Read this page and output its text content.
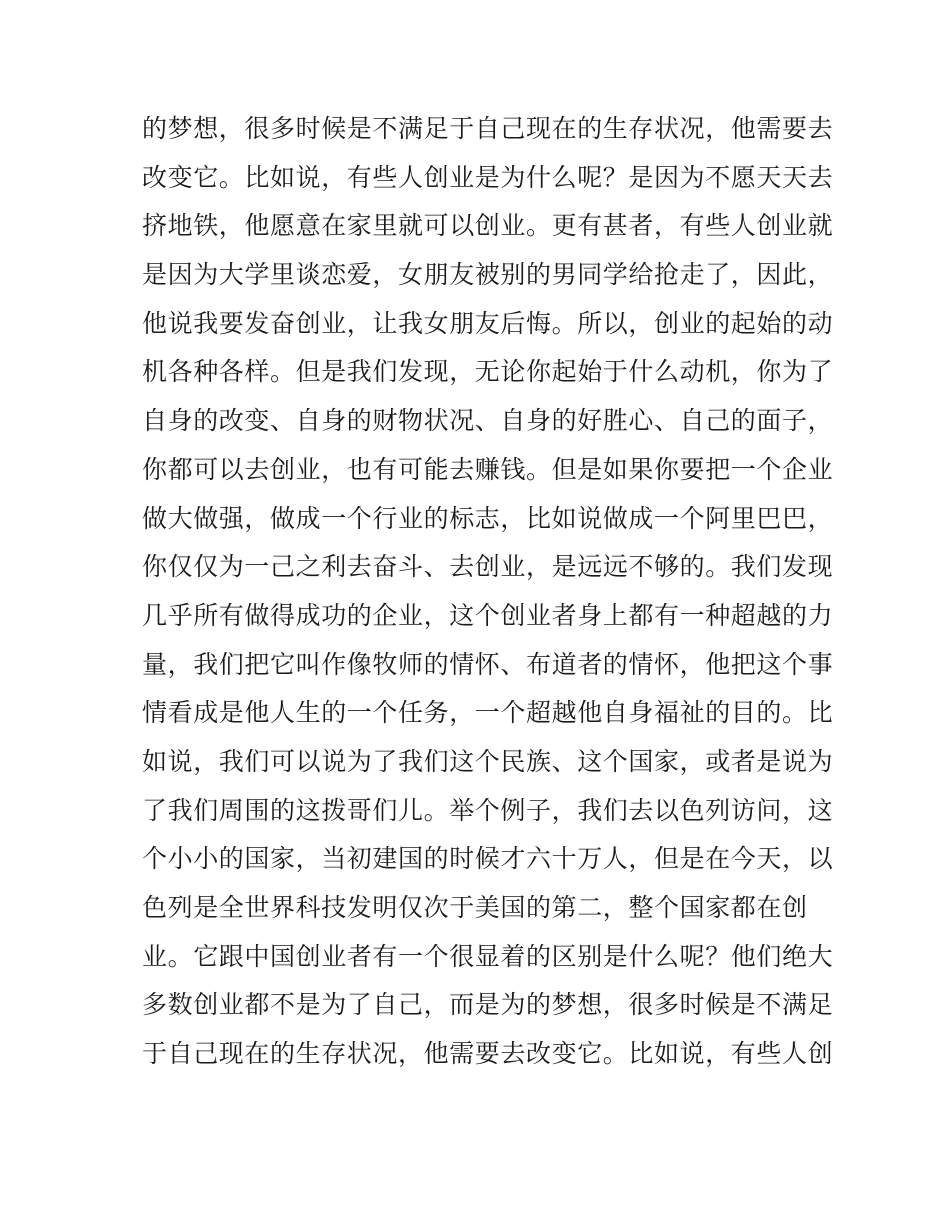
的梦想，很多时候是不满足于自己现在的生存状况，他需要去
改变它。比如说，有些人创业是为什么呢？是因为不愿天天去
挤地铁，他愿意在家里就可以创业。更有甚者，有些人创业就
是因为大学里谈恋爱，女朋友被别的男同学给抢走了，因此，
他说我要发奋创业，让我女朋友后悔。所以，创业的起始的动
机各种各样。但是我们发现，无论你起始于什么动机，你为了
自身的改变、自身的财物状况、自身的好胜心、自己的面子，
你都可以去创业，也有可能去赚钱。但是如果你要把一个企业
做大做强，做成一个行业的标志，比如说做成一个阿里巴巴，
你仅仅为一己之利去奋斗、去创业，是远远不够的。我们发现
几乎所有做得成功的企业，这个创业者身上都有一种超越的力
量，我们把它叫作像牧师的情怀、布道者的情怀，他把这个事
情看成是他人生的一个任务，一个超越他自身福祉的目的。比
如说，我们可以说为了我们这个民族、这个国家，或者是说为
了我们周围的这拨哥们儿。举个例子，我们去以色列访问，这
个小小的国家，当初建国的时候才六十万人，但是在今天，以
色列是全世界科技发明仅次于美国的第二，整个国家都在创
业。它跟中国创业者有一个很显着的区别是什么呢？他们绝大
多数创业都不是为了自己，而是为的梦想，很多时候是不满足
于自己现在的生存状况，他需要去改变它。比如说，有些人创
